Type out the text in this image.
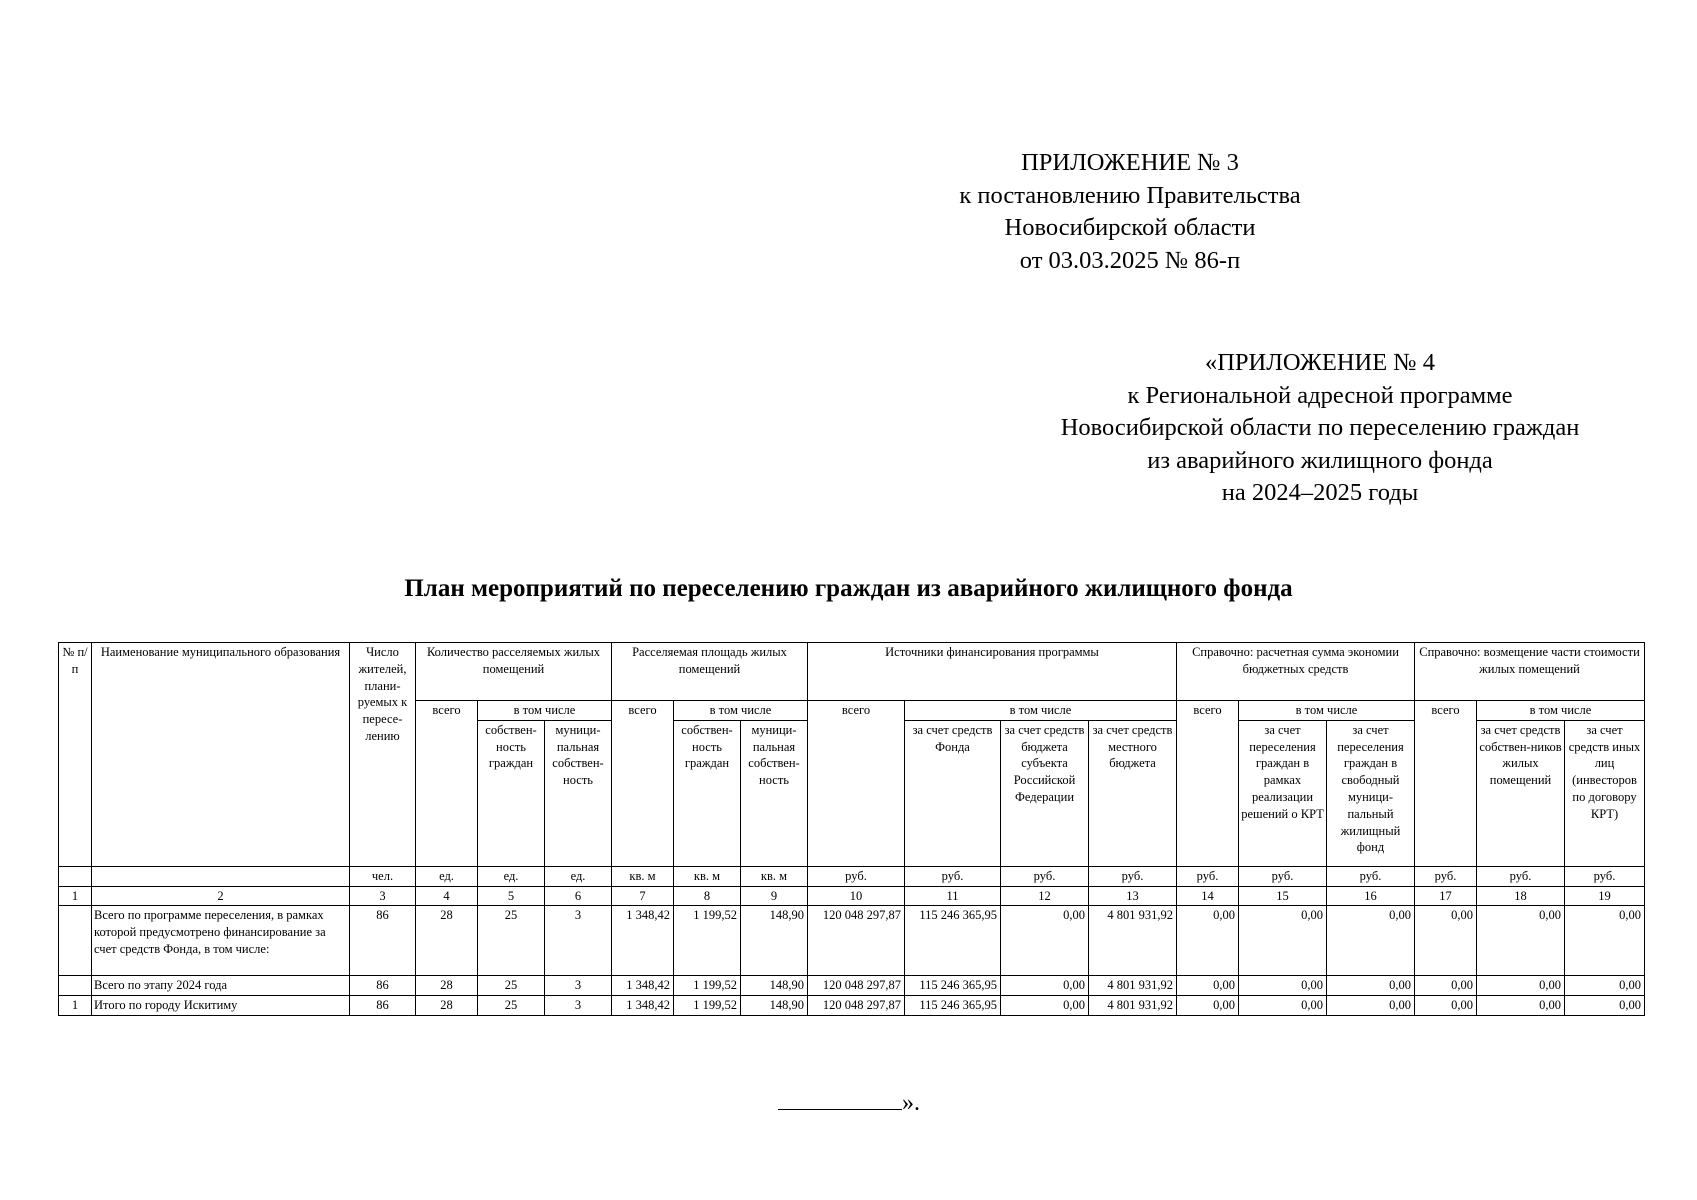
ПРИЛОЖЕНИЕ № 3
к постановлению Правительства
Новосибирской области
от 03.03.2025 № 86-п
«ПРИЛОЖЕНИЕ № 4
к Региональной адресной программе
Новосибирской области по переселению граждан
из аварийного жилищного фонда
на 2024–2025 годы
План мероприятий по переселению граждан из аварийного жилищного фонда
№ п/п	Наименование муниципального образования	Число жителей, плани-руемых к пересе-лению	Количество расселяемых жилых помещений			Расселяемая площадь жилых помещений			Источники финансирования программы				Справочно: расчетная сумма экономии бюджетных средств			Справочно: возмещение части стоимости жилых помещений		
			всего	в том числе		всего	в том числе		всего	в том числе			всего	в том числе		всего	в том числе	
				собствен-ность граждан	муници-пальная собствен-ность		собствен-ность граждан	муници-пальная собствен-ность		за счет средств Фонда	за счет средств бюджета субъекта Российской Федерации	за счет средств местного бюджета		за счет переселения граждан в рамках реализации решений о КРТ	за счет переселения граждан в свободный муници-пальный жилищный фонд		за счет средств собствен-ников жилых помещений	за счет средств иных лиц (инвесторов по договору КРТ)
		чел.	ед.	ед.	ед.	кв. м	кв. м	кв. м	руб.	руб.	руб.	руб.	руб.	руб.	руб.	руб.	руб.	руб.
1	2	3	4	5	6	7	8	9	10	11	12	13	14	15	16	17	18	19
	Всего по программе переселения, в рамках которой предусмотрено финансирование за счет средств Фонда, в том числе:	86	28	25	3	1 348,42	1 199,52	148,90	120 048 297,87	115 246 365,95	0,00	4 801 931,92	0,00	0,00	0,00	0,00	0,00	0,00
	Всего по этапу 2024 года	86	28	25	3	1 348,42	1 199,52	148,90	120 048 297,87	115 246 365,95	0,00	4 801 931,92	0,00	0,00	0,00	0,00	0,00	0,00
1	Итого по городу Искитиму	86	28	25	3	1 348,42	1 199,52	148,90	120 048 297,87	115 246 365,95	0,00	4 801 931,92	0,00	0,00	0,00	0,00	0,00	0,00
».
